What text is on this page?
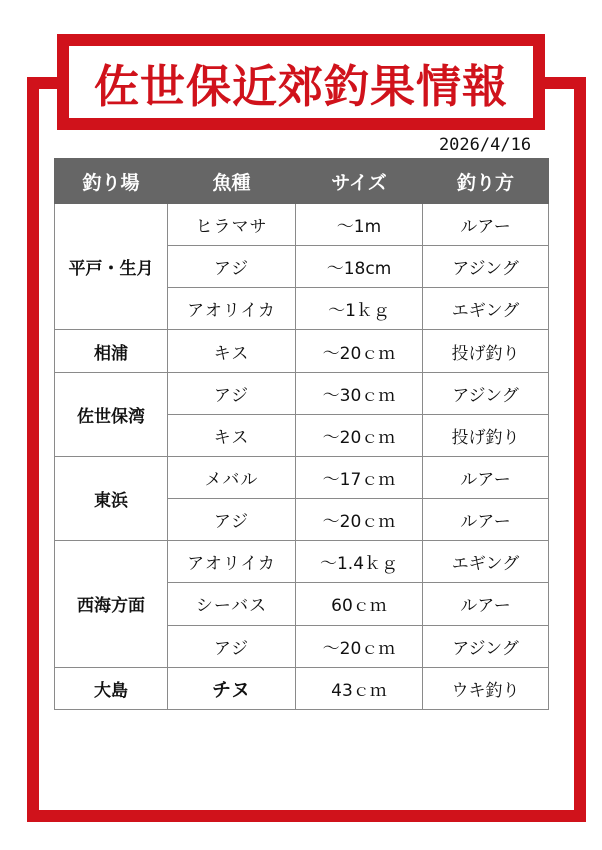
佐世保近郊釣果情報
2026/4/16
釣り場	魚種	サイズ	釣り方
平戸・生月	ヒラマサ	～1m	ルアー
	アジ	～18cm	アジング
	アオリイカ	～1ｋｇ	エギング
相浦	キス	～20ｃｍ	投げ釣り
佐世保湾	アジ	～30ｃｍ	アジング
	キス	～20ｃｍ	投げ釣り
東浜	メバル	～17ｃｍ	ルアー
	アジ	～20ｃｍ	ルアー
西海方面	アオリイカ	～1.4ｋｇ	エギング
	シーバス	60ｃｍ	ルアー
	アジ	～20ｃｍ	アジング
大島	チヌ	43ｃｍ	ウキ釣り
